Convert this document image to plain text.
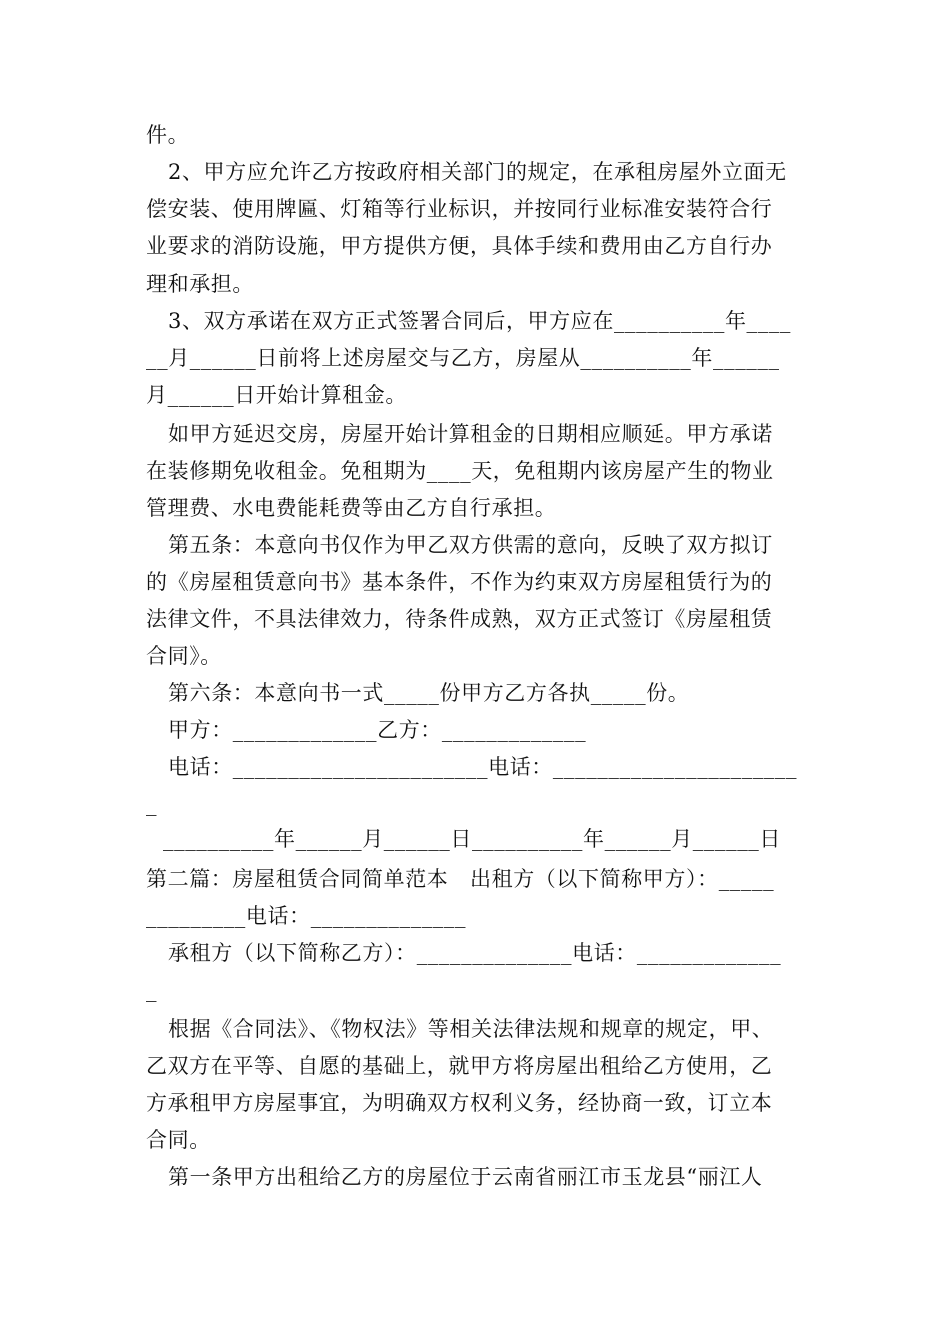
件。
2、甲方应允许乙方按政府相关部门的规定，在承租房屋外立面无
偿安装、使用牌匾、灯箱等行业标识，并按同行业标准安装符合行
业要求的消防设施，甲方提供方便，具体手续和费用由乙方自行办
理和承担。
3、双方承诺在双方正式签署合同后，甲方应在__________年____
__月______日前将上述房屋交与乙方，房屋从__________年______
月______日开始计算租金。
如甲方延迟交房，房屋开始计算租金的日期相应顺延。甲方承诺
在装修期免收租金。免租期为____天，免租期内该房屋产生的物业
管理费、水电费能耗费等由乙方自行承担。
第五条：本意向书仅作为甲乙双方供需的意向，反映了双方拟订
的《房屋租赁意向书》基本条件，不作为约束双方房屋租赁行为的
法律文件，不具法律效力，待条件成熟，双方正式签订《房屋租赁
合同》。
第六条：本意向书一式_____份甲方乙方各执_____份。
甲方：_____________乙方：_____________
电话：_______________________电话：______________________
_
__________年______月______日__________年______月______日
第二篇：房屋租赁合同简单范本　出租方（以下简称甲方）：_____
_________电话：______________
承租方（以下简称乙方）：______________电话：_____________
_
根据《合同法》、《物权法》等相关法律法规和规章的规定，甲、
乙双方在平等、自愿的基础上，就甲方将房屋出租给乙方使用，乙
方承租甲方房屋事宜，为明确双方权利义务，经协商一致，订立本
合同。
第一条甲方出租给乙方的房屋位于云南省丽江市玉龙县“丽江人
